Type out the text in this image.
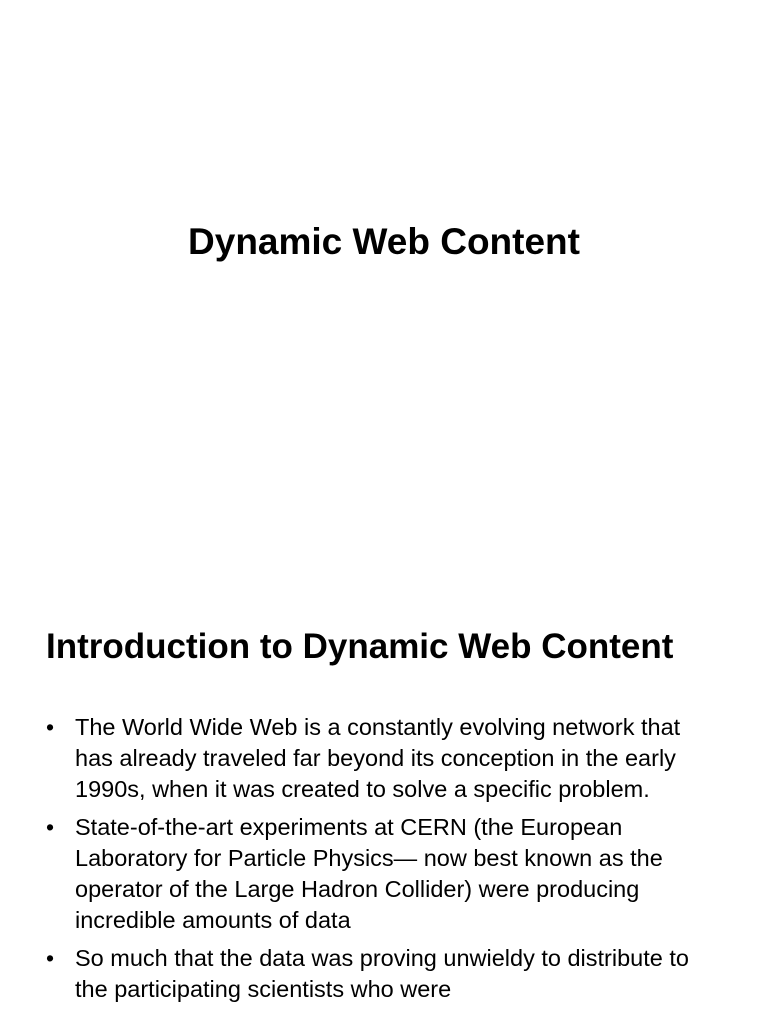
Dynamic Web Content
Introduction to Dynamic Web Content
• The World Wide Web is a constantly evolving network that has already traveled far beyond its conception in the early 1990s, when it was created to solve a specific problem.
• State-of-the-art experiments at CERN (the European Laboratory for Particle Physics— now best known as the operator of the Large Hadron Collider) were producing incredible amounts of data
• So much that the data was proving unwieldy to distribute to the participating scientists who were
